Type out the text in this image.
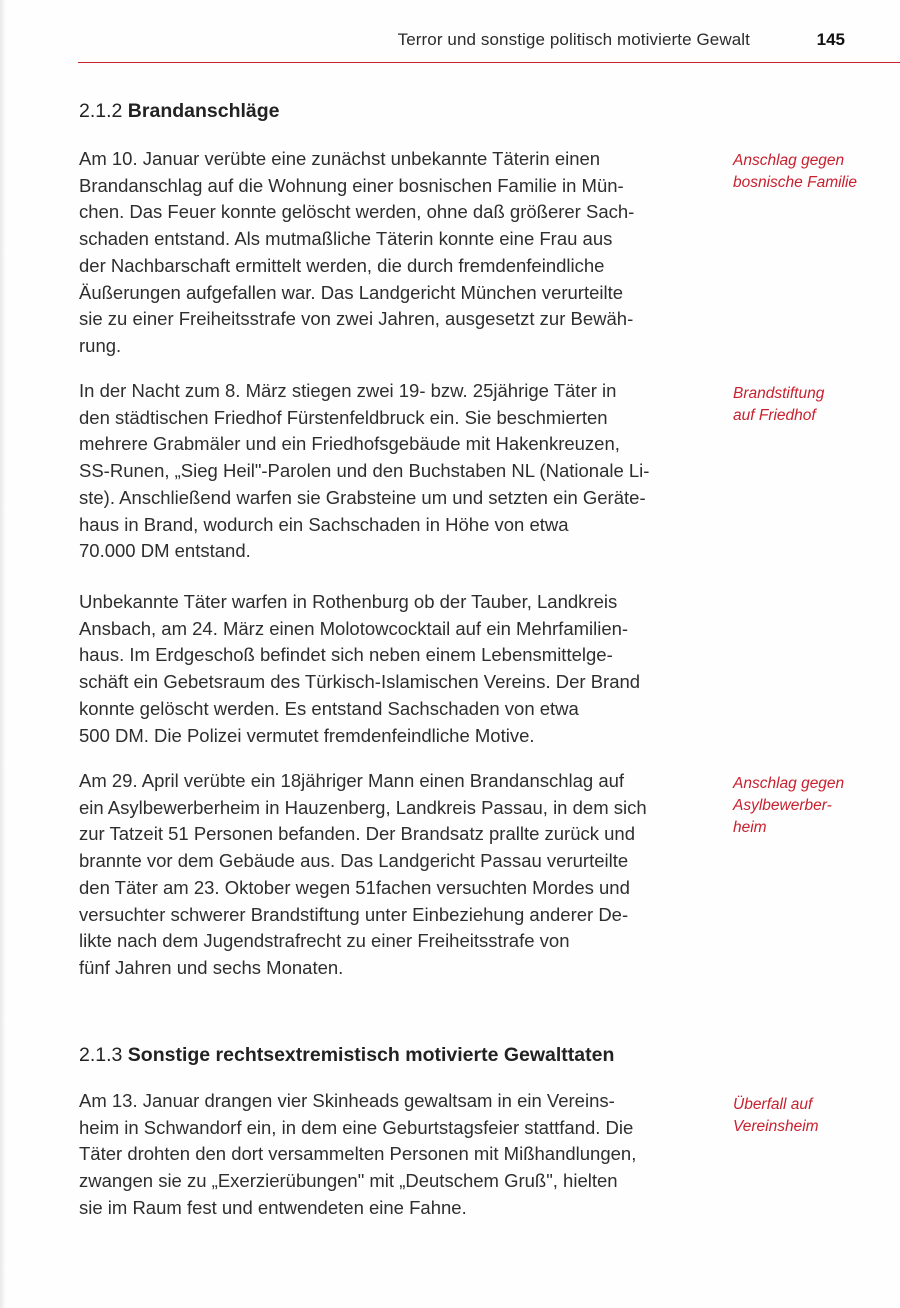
Terror und sonstige politisch motivierte Gewalt	145
2.1.2 Brandanschläge

Am 10. Januar verübte eine zunächst unbekannte Täterin einen
Brandanschlag auf die Wohnung einer bosnischen Familie in Mün-
chen. Das Feuer konnte gelöscht werden, ohne daß größerer Sach-
schaden entstand. Als mutmaßliche Täterin konnte eine Frau aus
der Nachbarschaft ermittelt werden, die durch fremdenfeindliche
Äußerungen aufgefallen war. Das Landgericht München verurteilte
sie zu einer Freiheitsstrafe von zwei Jahren, ausgesetzt zur Bewäh-
rung.

Anschlag gegen
bosnische Familie

In der Nacht zum 8. März stiegen zwei 19- bzw. 25jährige Täter in
den städtischen Friedhof Fürstenfeldbruck ein. Sie beschmierten
mehrere Grabmäler und ein Friedhofsgebäude mit Hakenkreuzen,
SS-Runen, „Sieg Heil"-Parolen und den Buchstaben NL (Nationale Li-
ste). Anschließend warfen sie Grabsteine um und setzten ein Geräte-
haus in Brand, wodurch ein Sachschaden in Höhe von etwa
70.000 DM entstand.

Brandstiftung
auf Friedhof

Unbekannte Täter warfen in Rothenburg ob der Tauber, Landkreis
Ansbach, am 24. März einen Molotowcocktail auf ein Mehrfamilien-
haus. Im Erdgeschoß befindet sich neben einem Lebensmittelge-
schäft ein Gebetsraum des Türkisch-Islamischen Vereins. Der Brand
konnte gelöscht werden. Es entstand Sachschaden von etwa
500 DM. Die Polizei vermutet fremdenfeindliche Motive.

Am 29. April verübte ein 18jähriger Mann einen Brandanschlag auf
ein Asylbewerberheim in Hauzenberg, Landkreis Passau, in dem sich
zur Tatzeit 51 Personen befanden. Der Brandsatz prallte zurück und
brannte vor dem Gebäude aus. Das Landgericht Passau verurteilte
den Täter am 23. Oktober wegen 51fachen versuchten Mordes und
versuchter schwerer Brandstiftung unter Einbeziehung anderer De-
likte nach dem Jugendstrafrecht zu einer Freiheitsstrafe von
fünf Jahren und sechs Monaten.

Anschlag gegen
Asylbewerber-
heim
2.1.3 Sonstige rechtsextremistisch motivierte Gewalttaten

Am 13. Januar drangen vier Skinheads gewaltsam in ein Vereins-
heim in Schwandorf ein, in dem eine Geburtstagsfeier stattfand. Die
Täter drohten den dort versammelten Personen mit Mißhandlungen,
zwangen sie zu „Exerzierübungen" mit „Deutschem Gruß", hielten
sie im Raum fest und entwendeten eine Fahne.

Überfall auf
Vereinsheim
